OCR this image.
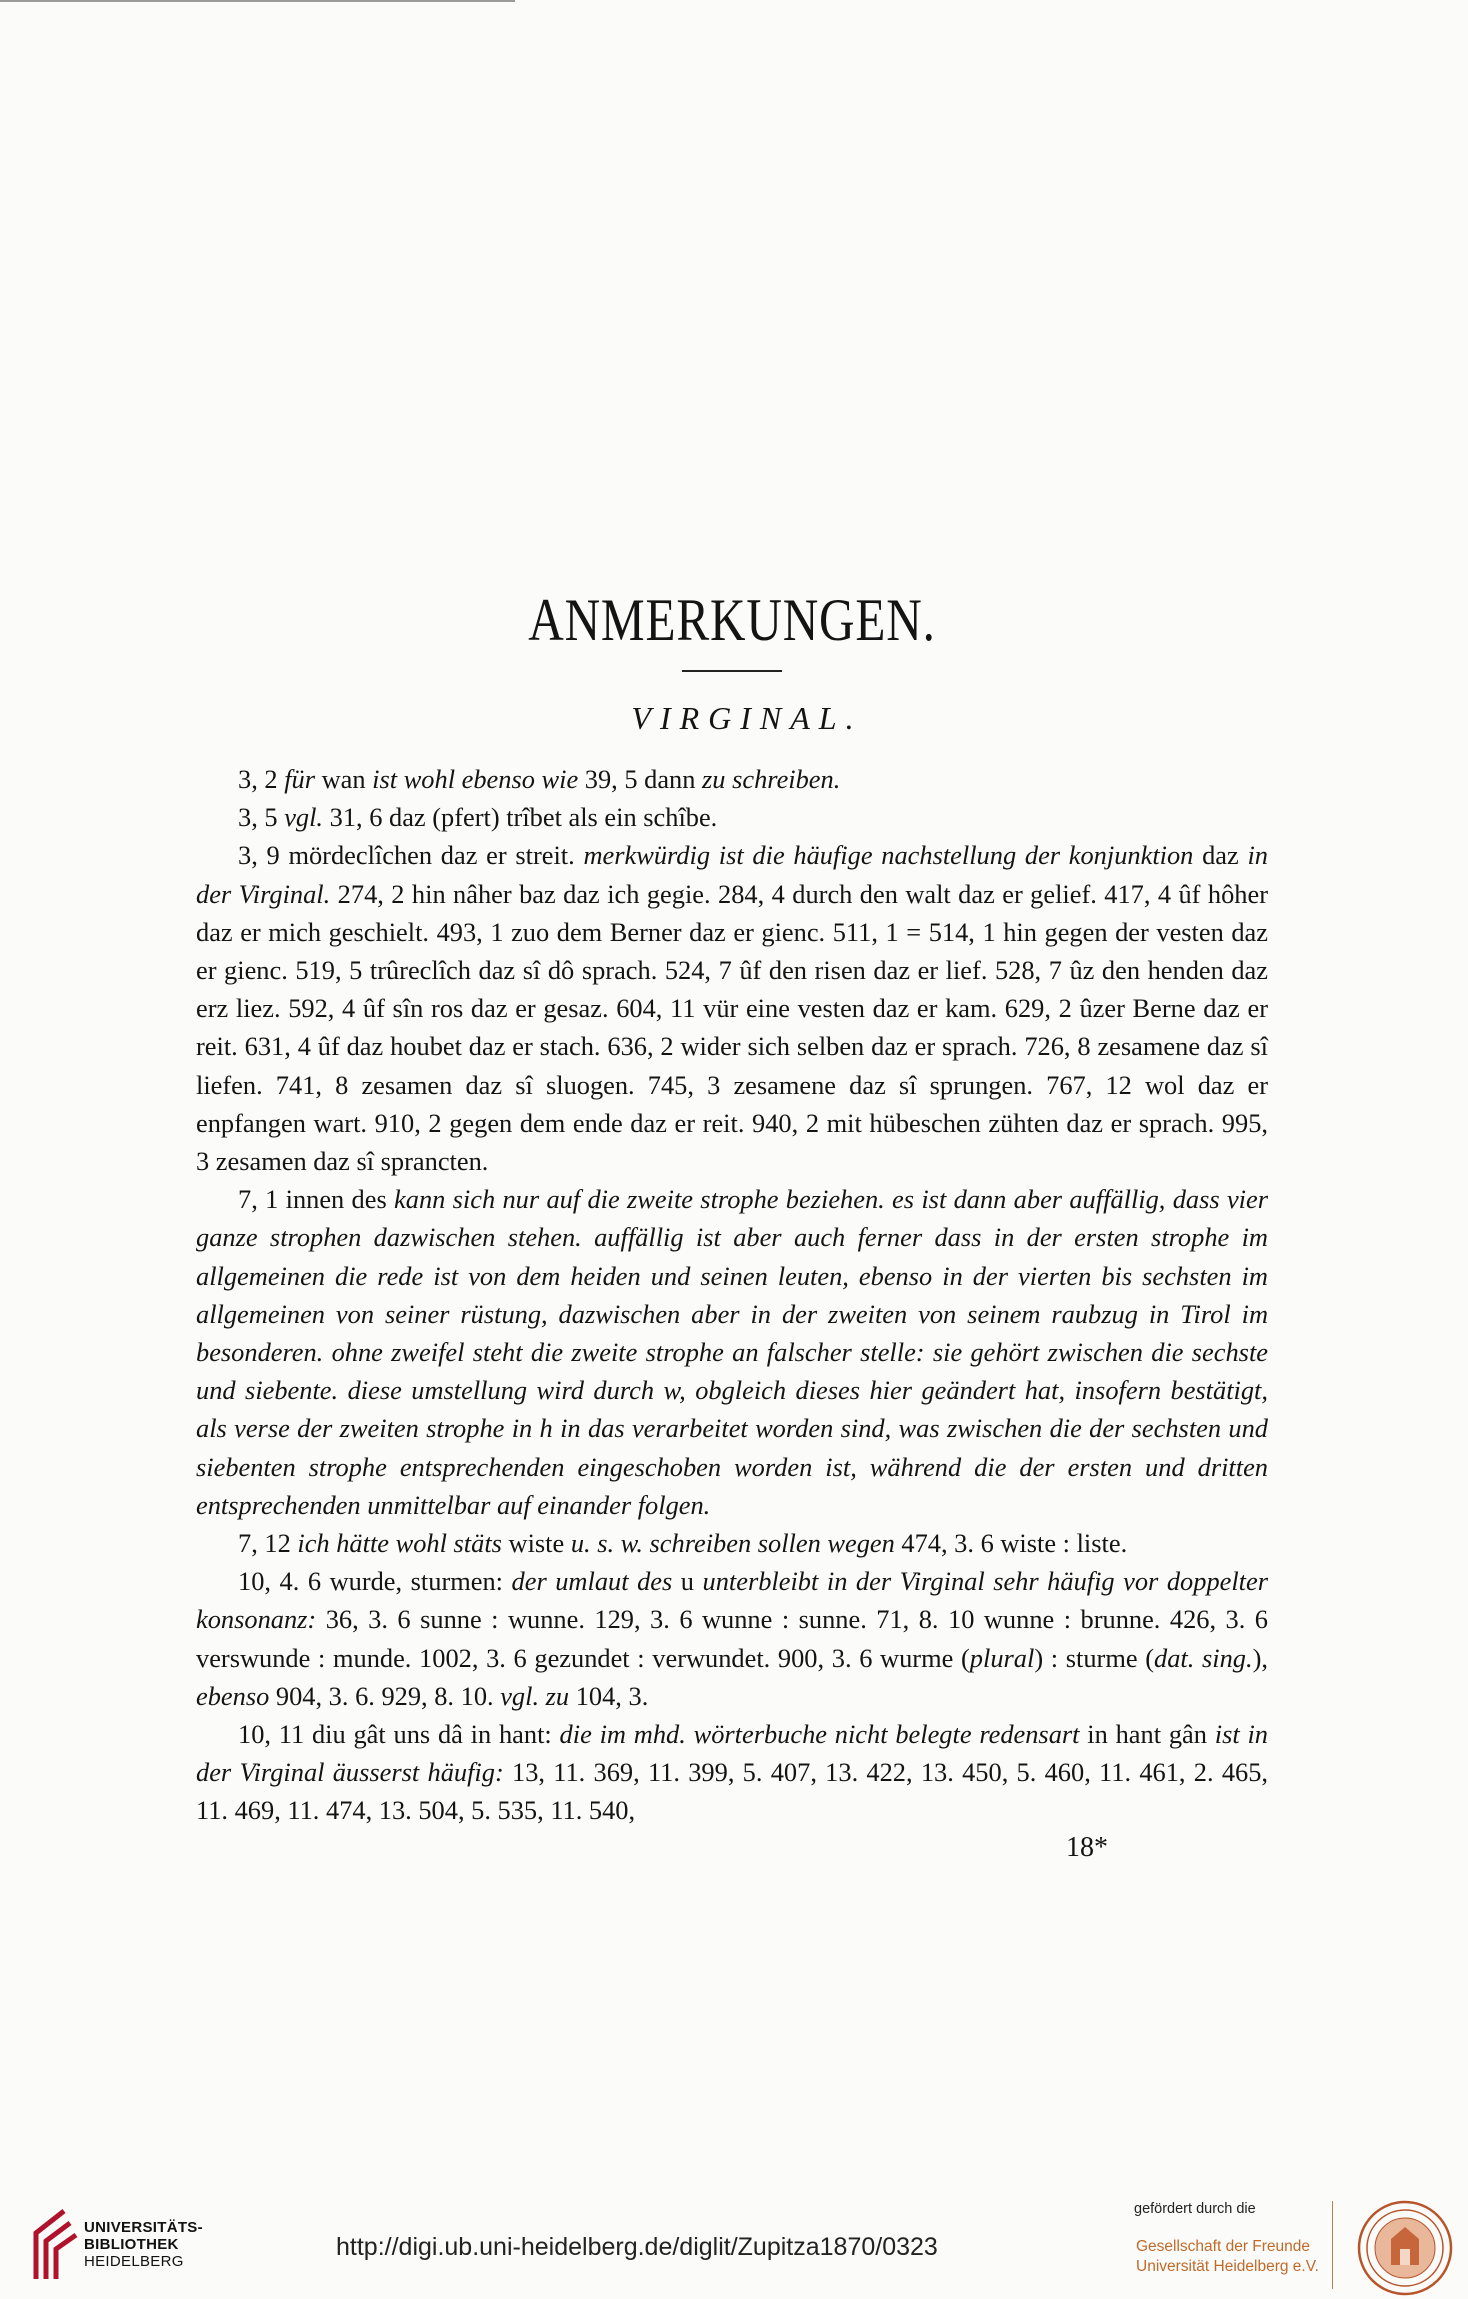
ANMERKUNGEN.
VIRGINAL.

3, 2 für wan ist wohl ebenso wie 39, 5 dann zu schreiben.

3, 5 vgl. 31, 6 daz (pfert) trîbet als ein schîbe.

3, 9 mördeclîchen daz er streit. merkwürdig ist die häufige nachstellung der konjunktion daz in der Virginal. 274, 2 hin nâher baz daz ich gegie. 284, 4 durch den walt daz er gelief. 417, 4 ûf hôher daz er mich geschielt. 493, 1 zuo dem Berner daz er gienc. 511, 1 = 514, 1 hin gegen der vesten daz er gienc. 519, 5 trûreclîch daz sî dô sprach. 524, 7 ûf den risen daz er lief. 528, 7 ûz den henden daz erz liez. 592, 4 ûf sîn ros daz er gesaz. 604, 11 vür eine vesten daz er kam. 629, 2 ûzer Berne daz er reit. 631, 4 ûf daz houbet daz er stach. 636, 2 wider sich selben daz er sprach. 726, 8 zesamene daz sî liefen. 741, 8 zesamen daz sî sluogen. 745, 3 zesamene daz sî sprungen. 767, 12 wol daz er enpfangen wart. 910, 2 gegen dem ende daz er reit. 940, 2 mit hübeschen zühten daz er sprach. 995, 3 zesamen daz sî sprancten.

7, 1 innen des kann sich nur auf die zweite strophe beziehen. es ist dann aber auffällig, dass vier ganze strophen dazwischen stehen. auffällig ist aber auch ferner dass in der ersten strophe im allgemeinen die rede ist von dem heiden und seinen leuten, ebenso in der vierten bis sechsten im allgemeinen von seiner rüstung, dazwischen aber in der zweiten von seinem raubzug in Tirol im besonderen. ohne zweifel steht die zweite strophe an falscher stelle: sie gehört zwischen die sechste und siebente. diese umstellung wird durch w, obgleich dieses hier geändert hat, insofern bestätigt, als verse der zweiten strophe in h in das verarbeitet worden sind, was zwischen die der sechsten und siebenten strophe entsprechenden eingeschoben worden ist, während die der ersten und dritten entsprechenden unmittelbar auf einander folgen.

7, 12 ich hätte wohl stäts wiste u. s. w. schreiben sollen wegen 474, 3. 6 wiste : liste.

10, 4. 6 wurde, sturmen: der umlaut des u unterbleibt in der Virginal sehr häufig vor doppelter konsonanz: 36, 3. 6 sunne : wunne. 129, 3. 6 wunne : sunne. 71, 8. 10 wunne : brunne. 426, 3. 6 verswunde : munde. 1002, 3. 6 gezundet : verwundet. 900, 3. 6 wurme (plural) : sturme (dat. sing.), ebenso 904, 3. 6. 929, 8. 10. vgl. zu 104, 3.

10, 11 diu gât uns dâ in hant: die im mhd. wörterbuche nicht belegte redensart in hant gân ist in der Virginal äusserst häufig: 13, 11. 369, 11. 399, 5. 407, 13. 422, 13. 450, 5. 460, 11. 461, 2. 465, 11. 469, 11. 474, 13. 504, 5. 535, 11. 540,

18*
UNIVERSITÄTS-
BIBLIOTHEK
HEIDELBERG
http://digi.ub.uni-heidelberg.de/diglit/Zupitza1870/0323
gefördert durch die
Gesellschaft der Freunde
Universität Heidelberg e.V.
